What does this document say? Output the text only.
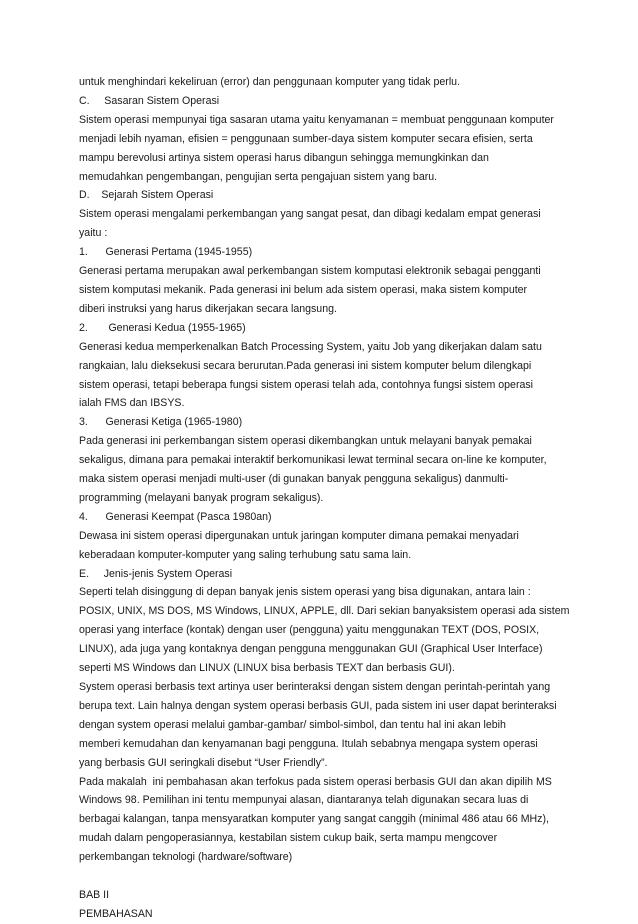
untuk menghindari kekeliruan (error) dan penggunaan komputer yang tidak perlu.

C.     Sasaran Sistem Operasi

Sistem operasi mempunyai tiga sasaran utama yaitu kenyamanan = membuat penggunaan komputer

menjadi lebih nyaman, efisien = penggunaan sumber-daya sistem komputer secara efisien, serta

mampu berevolusi artinya sistem operasi harus dibangun sehingga memungkinkan dan

memudahkan pengembangan, pengujian serta pengajuan sistem yang baru.

D.    Sejarah Sistem Operasi

Sistem operasi mengalami perkembangan yang sangat pesat, dan dibagi kedalam empat generasi

yaitu :

1.      Generasi Pertama (1945-1955)

Generasi pertama merupakan awal perkembangan sistem komputasi elektronik sebagai pengganti

sistem komputasi mekanik. Pada generasi ini belum ada sistem operasi, maka sistem komputer

diberi instruksi yang harus dikerjakan secara langsung.

2.       Generasi Kedua (1955-1965)

Generasi kedua memperkenalkan Batch Processing System, yaitu Job yang dikerjakan dalam satu

rangkaian, lalu dieksekusi secara berurutan.Pada generasi ini sistem komputer belum dilengkapi

sistem operasi, tetapi beberapa fungsi sistem operasi telah ada, contohnya fungsi sistem operasi

ialah FMS dan IBSYS.

3.      Generasi Ketiga (1965-1980)

Pada generasi ini perkembangan sistem operasi dikembangkan untuk melayani banyak pemakai

sekaligus, dimana para pemakai interaktif berkomunikasi lewat terminal secara on-line ke komputer,

maka sistem operasi menjadi multi-user (di gunakan banyak pengguna sekaligus) danmulti-

programming (melayani banyak program sekaligus).

4.      Generasi Keempat (Pasca 1980an)

Dewasa ini sistem operasi dipergunakan untuk jaringan komputer dimana pemakai menyadari

keberadaan komputer-komputer yang saling terhubung satu sama lain.

E.     Jenis-jenis System Operasi

Seperti telah disinggung di depan banyak jenis sistem operasi yang bisa digunakan, antara lain :

POSIX, UNIX, MS DOS, MS Windows, LINUX, APPLE, dll. Dari sekian banyaksistem operasi ada sistem

operasi yang interface (kontak) dengan user (pengguna) yaitu menggunakan TEXT (DOS, POSIX,

LINUX), ada juga yang kontaknya dengan pengguna menggunakan GUI (Graphical User Interface)

seperti MS Windows dan LINUX (LINUX bisa berbasis TEXT dan berbasis GUI).

System operasi berbasis text artinya user berinteraksi dengan sistem dengan perintah-perintah yang

berupa text. Lain halnya dengan system operasi berbasis GUI, pada sistem ini user dapat berinteraksi

dengan system operasi melalui gambar-gambar/ simbol-simbol, dan tentu hal ini akan lebih

memberi kemudahan dan kenyamanan bagi pengguna. Itulah sebabnya mengapa system operasi

yang berbasis GUI seringkali disebut “User Friendly”.

Pada makalah  ini pembahasan akan terfokus pada sistem operasi berbasis GUI dan akan dipilih MS

Windows 98. Pemilihan ini tentu mempunyai alasan, diantaranya telah digunakan secara luas di

berbagai kalangan, tanpa mensyaratkan komputer yang sangat canggih (minimal 486 atau 66 MHz),

mudah dalam pengoperasiannya, kestabilan sistem cukup baik, serta mampu mengcover

perkembangan teknologi (hardware/software)

BAB II

PEMBAHASAN
